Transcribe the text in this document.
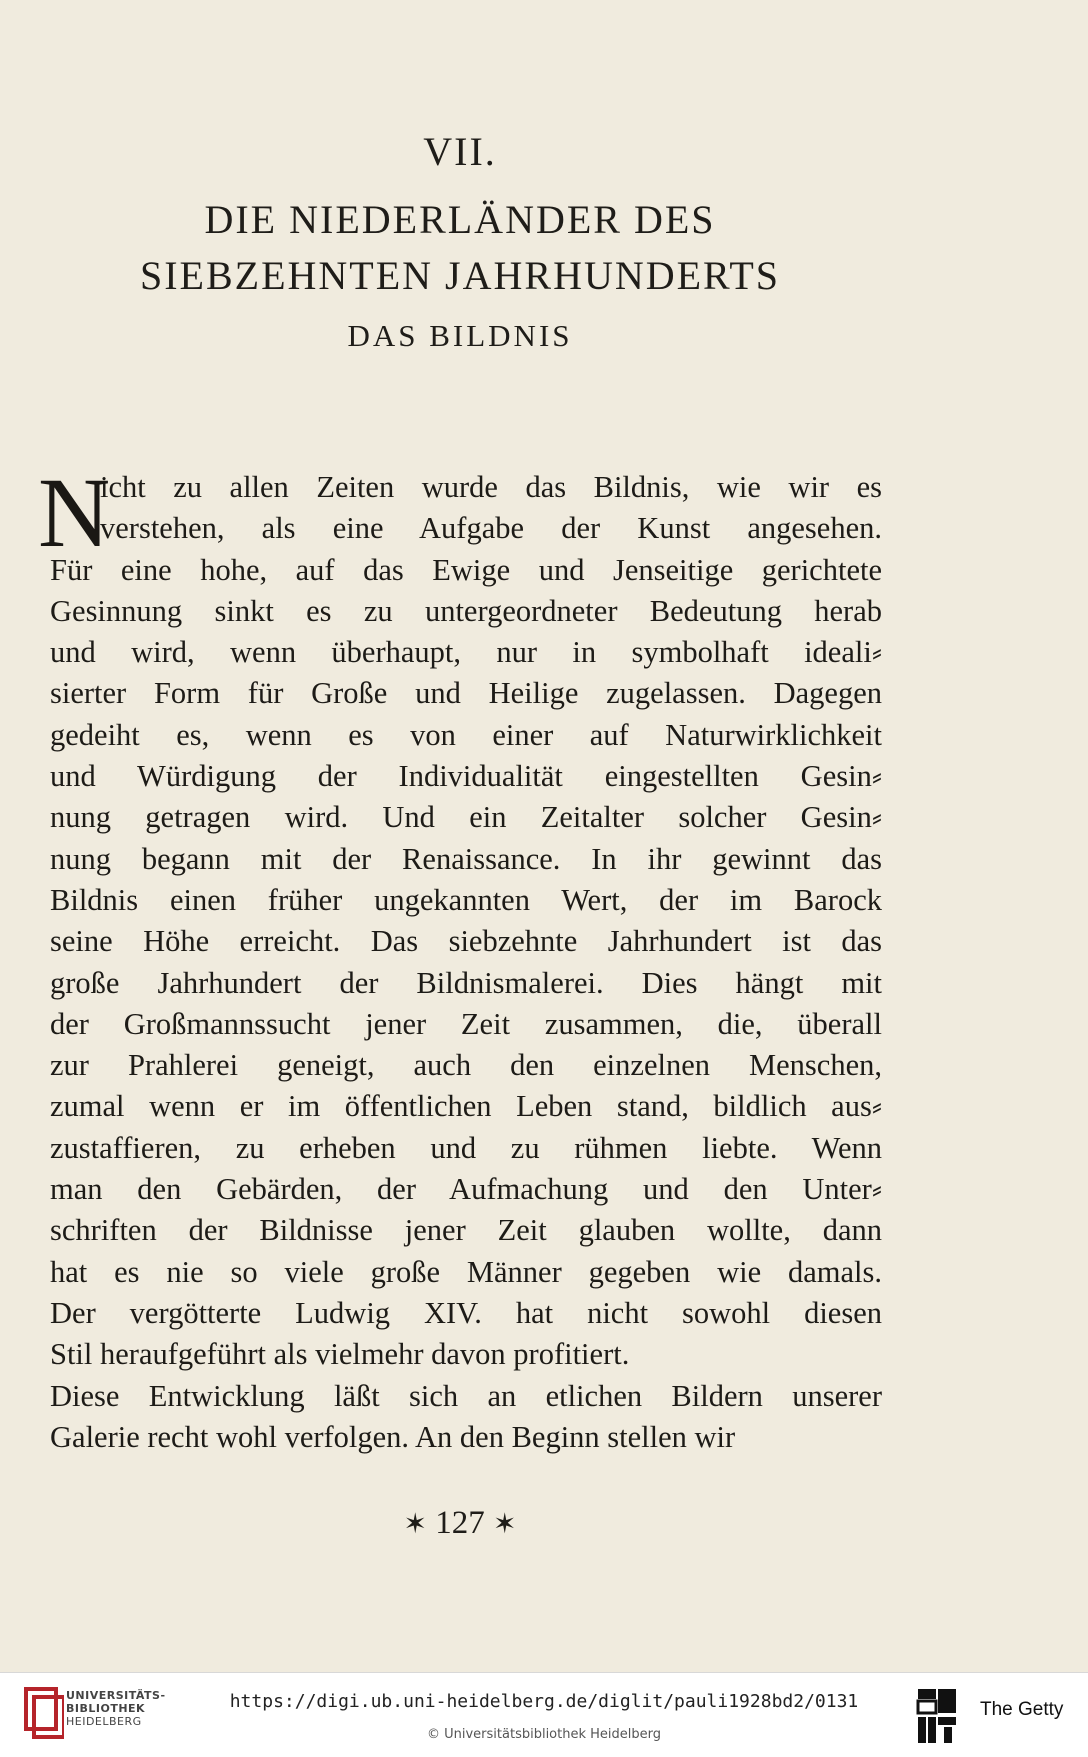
VII.
DIE NIEDERLÄNDER DES
SIEBZEHNTEN JAHRHUNDERTS
DAS BILDNIS
N
icht zu allen Zeiten wurde das Bildnis, wie wir es
verstehen, als eine Aufgabe der Kunst angesehen.
Für eine hohe, auf das Ewige und Jenseitige gerichtete
Gesinnung sinkt es zu untergeordneter Bedeutung herab
und wird, wenn überhaupt, nur in symbolhaft ideali⸗
sierter Form für Große und Heilige zugelassen. Dagegen
gedeiht es, wenn es von einer auf Naturwirklichkeit
und Würdigung der Individualität eingestellten Gesin⸗
nung getragen wird. Und ein Zeitalter solcher Gesin⸗
nung begann mit der Renaissance. In ihr gewinnt das
Bildnis einen früher ungekannten Wert, der im Barock
seine Höhe erreicht. Das siebzehnte Jahrhundert ist das
große Jahrhundert der Bildnismalerei. Dies hängt mit
der Großmannssucht jener Zeit zusammen, die, überall
zur Prahlerei geneigt, auch den einzelnen Menschen,
zumal wenn er im öffentlichen Leben stand, bildlich aus⸗
zustaffieren, zu erheben und zu rühmen liebte. Wenn
man den Gebärden, der Aufmachung und den Unter⸗
schriften der Bildnisse jener Zeit glauben wollte, dann
hat es nie so viele große Männer gegeben wie damals.
Der vergötterte Ludwig XIV. hat nicht sowohl diesen
Stil heraufgeführt als vielmehr davon profitiert.
Diese Entwicklung läßt sich an etlichen Bildern unserer
Galerie recht wohl verfolgen. An den Beginn stellen wir
✶ 127 ✶
UNIVERSITÄTS-
BIBLIOTHEK
HEIDELBERG
https://digi.ub.uni-heidelberg.de/diglit/pauli1928bd2/0131
© Universitätsbibliothek Heidelberg
The Getty
